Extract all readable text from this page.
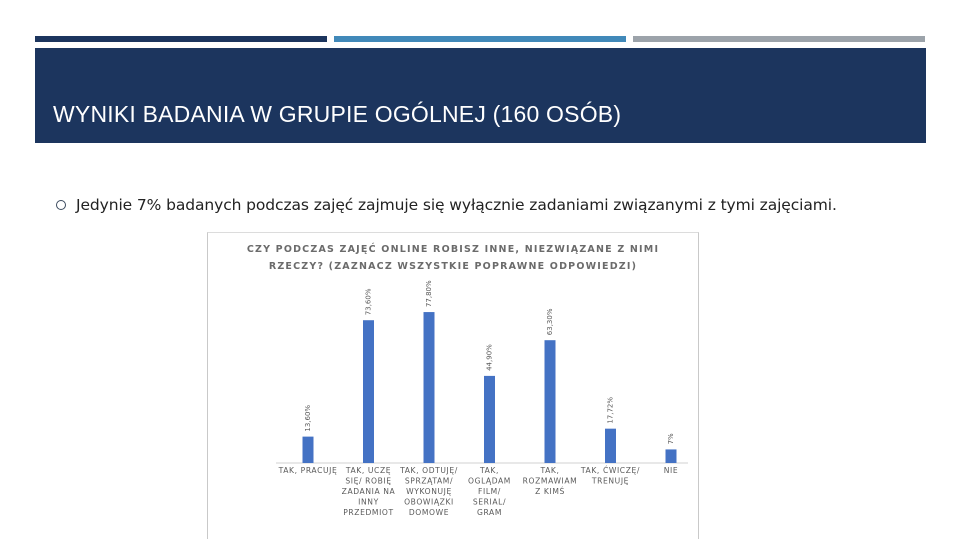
WYNIKI BADANIA W GRUPIE OGÓLNEJ (160 OSÓB)
Jedynie 7% badanych podczas zajęć zajmuje się wyłącznie zadaniami związanymi z tymi zajęciami.
CZY PODCZAS ZAJĘĆ ONLINE ROBISZ INNE, NIEZWIĄZANE Z NIMI
RZECZY? (ZAZNACZ WSZYSTKIE POPRAWNE ODPOWIEDZI)
13,60%
73,60%	77,80%
44,90%
63,30%
17,72%
7%
TAK, PRACUJĘ TAK, UCZĘ
SIĘ/ ROBIĘ
ZADANIA NA
INNY
PRZEDMIOT
TAK, ODTUJĘ/
SPRZĄTAM/
WYKONUJĘ
OBOWIĄZKI
DOMOWE
TAK,
OGLĄDAM
FILM/
SERIAL/
GRAM
TAK,
ROZMAWIAM
Z KIMŚ
TAK, ĆWICZĘ/
TRENUJĘ
NIE
